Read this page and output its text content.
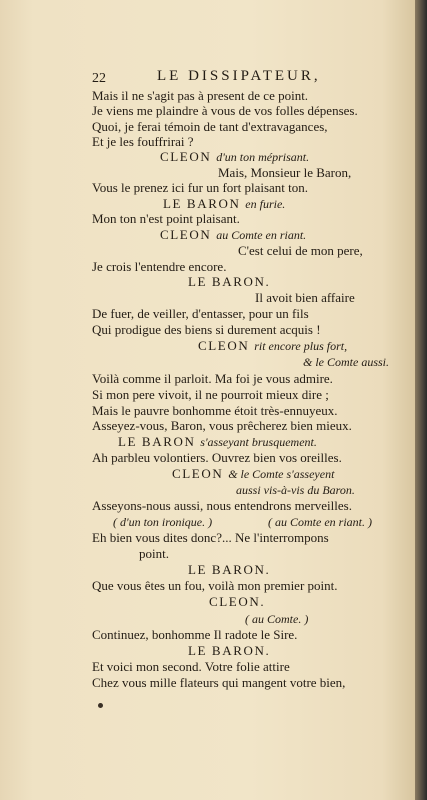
22	LE DISSIPATEUR,
Mais il ne s'agit pas à present de ce point.
Je viens me plaindre à vous de vos folles dépenses.
Quoi, je ferai témoin de tant d'extravagances,
Et je les fouffrirai ?
CLEON d'un ton méprisant.
Mais, Monsieur le Baron,
Vous le prenez ici fur un fort plaisant ton.
LE BARON en furie.
Mon ton n'est point plaisant.
CLEON au Comte en riant.
C'est celui de mon pere,
Je crois l'entendre encore.
LE BARON.
Il avoit bien affaire
De fuer, de veiller, d'entasser, pour un fils
Qui prodigue des biens si durement acquis !
CLEON rit encore plus fort,
& le Comte aussi.
Voilà comme il parloit. Ma foi je vous admire.
Si mon pere vivoit, il ne pourroit mieux dire ;
Mais le pauvre bonhomme étoit très-ennuyeux.
Asseyez-vous, Baron, vous prêcherez bien mieux.
LE BARON s'asseyant brusquement.
Ah parbleu volontiers. Ouvrez bien vos oreilles.
CLEON & le Comte s'asseyent
aussi vis-à-vis du Baron.
Asseyons-nous aussi, nous entendrons merveilles.
( d'un ton ironique. )	( au Comte en riant. )
Eh bien vous dites donc?... Ne l'interrompons
point.
LE BARON.
Que vous êtes un fou, voilà mon premier point.
CLEON.
( au Comte. )
Continuez, bonhomme Il radote le Sire.
LE BARON.
Et voici mon second. Votre folie attire
Chez vous mille flateurs qui mangent votre bien,
